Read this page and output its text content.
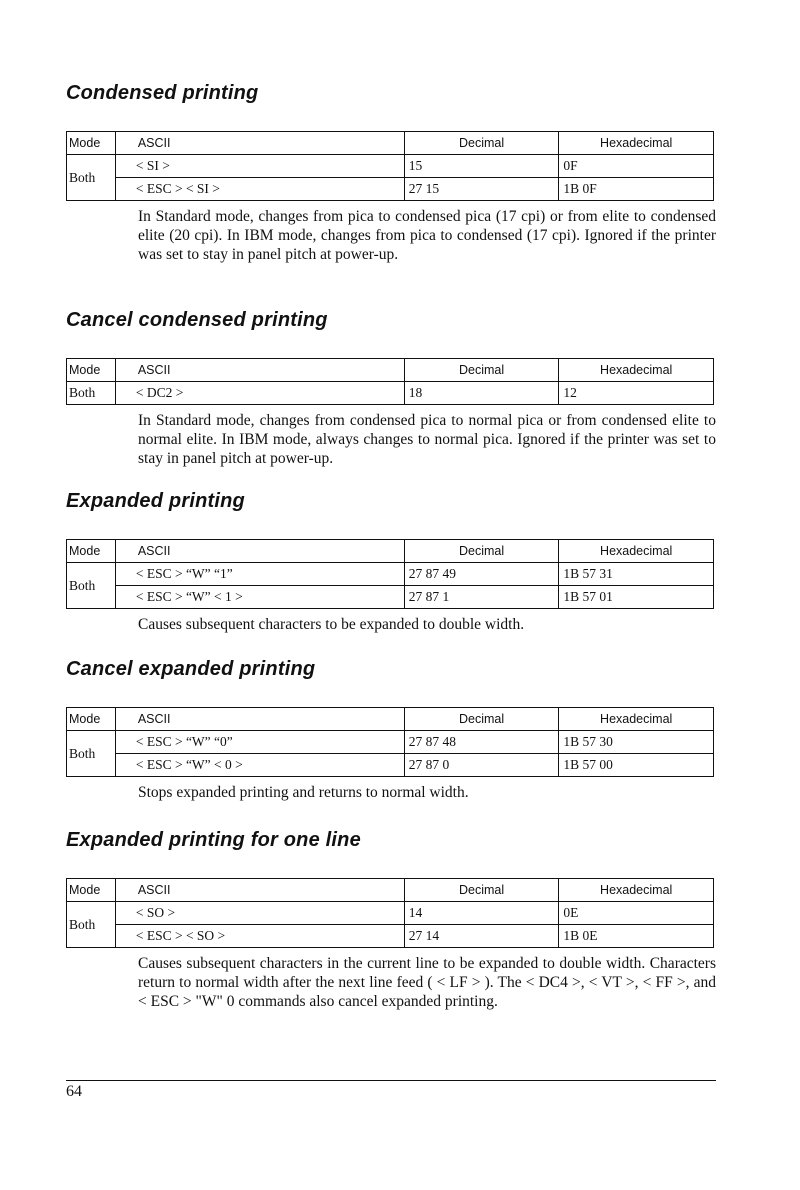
Condensed printing
Mode	ASCII	Decimal	Hexadecimal
Both	< SI >	15	0F
	< ESC > < SI >	27 15	1B 0F

In Standard mode, changes from pica to condensed pica (17 cpi) or from elite to condensed elite (20 cpi). In IBM mode, changes from pica to condensed (17 cpi). Ignored if the printer was set to stay in panel pitch at power-up.

Cancel condensed printing
Mode	ASCII	Decimal	Hexadecimal
Both	< DC2 >	18	12

In Standard mode, changes from condensed pica to normal pica or from condensed elite to normal elite. In IBM mode, always changes to normal pica. Ignored if the printer was set to stay in panel pitch at power-up.

Expanded printing
Mode	ASCII	Decimal	Hexadecimal
Both	< ESC > “W” “1”	27 87 49	1B 57 31
	< ESC > “W” < 1 >	27 87 1	1B 57 01

Causes subsequent characters to be expanded to double width.

Cancel expanded printing
Mode	ASCII	Decimal	Hexadecimal
Both	< ESC > “W” “0”	27 87 48	1B 57 30
	< ESC > “W” < 0 >	27 87 0	1B 57 00

Stops expanded printing and returns to normal width.

Expanded printing for one line
Mode	ASCII	Decimal	Hexadecimal
Both	< SO >	14	0E
	< ESC > < SO >	27 14	1B 0E

Causes subsequent characters in the current line to be expanded to double width. Characters return to normal width after the next line feed ( < LF > ). The < DC4 >, < VT >, < FF >, and < ESC > "W" 0 commands also cancel expanded printing.

64
